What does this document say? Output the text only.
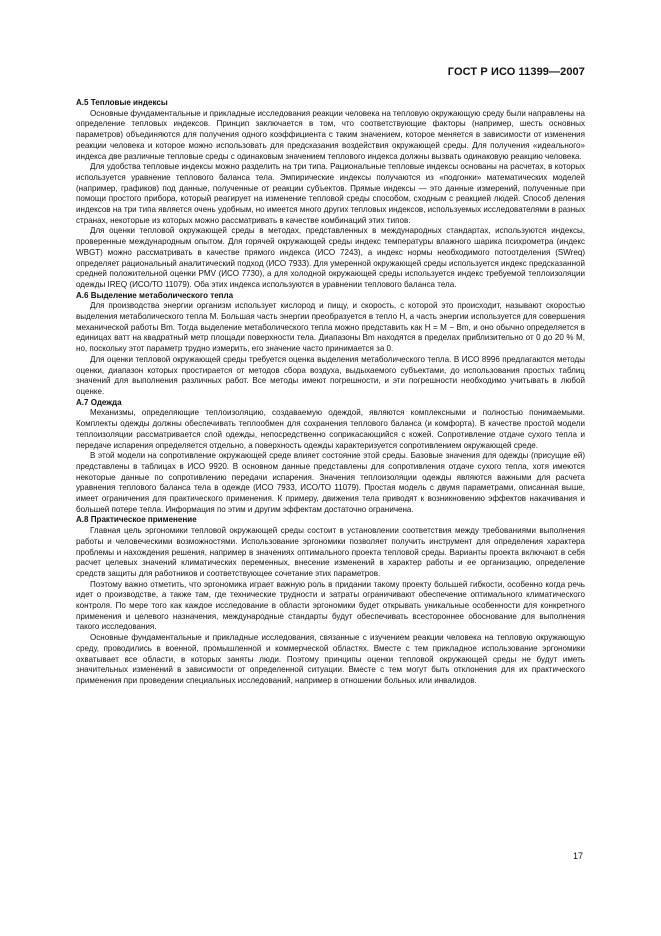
ГОСТ Р ИСО 11399—2007
А.5 Тепловые индексы

Основные фундаментальные и прикладные исследования реакции человека на тепловую окружающую среду были направлены на определение тепловых индексов. Принцип заключается в том, что соответствующие факторы (например, шесть основных параметров) объединяются для получения одного коэффициента с таким значением, которое меняется в зависимости от изменения реакции человека и которое можно использовать для предсказания воздействия окружающей среды. Для получения «идеального» индекса две различные тепловые среды с одинаковым значением теплового индекса должны вызвать одинаковую реакцию человека.

Для удобства тепловые индексы можно разделить на три типа. Рациональные тепловые индексы основаны на расчетах, в которых используется уравнение теплового баланса тела. Эмпирические индексы получаются из «подгонки» математических моделей (например, графиков) под данные, полученные от реакции субъектов. Прямые индексы — это данные измерений, полученные при помощи простого прибора, который реагирует на изменение тепловой среды способом, сходным с реакцией людей. Способ деления индексов на три типа является очень удобным, но имеется много других тепловых индексов, используемых исследователями в разных странах, некоторые из которых можно рассматривать в качестве комбинаций этих типов.

Для оценки тепловой окружающей среды в методах, представленных в международных стандартах, используются индексы, проверенные международным опытом. Для горячей окружающей среды индекс температуры влажного шарика психрометра (индекс WBGT) можно рассматривать в качестве прямого индекса (ИСО 7243), а индекс нормы необходимого потоотделения (SWreq) определяет рациональный аналитический подход (ИСО 7933). Для умеренной окружающей среды используется индекс предсказанной средней положительной оценки PMV (ИСО 7730), а для холодной окружающей среды используется индекс требуемой теплоизоляции одежды IREQ (ИСО/ТО 11079). Оба этих индекса используются в уравнении теплового баланса тела.

А.6 Выделение метаболического тепла

Для производства энергии организм использует кислород и пищу, и скорость, с которой это происходит, называют скоростью выделения метаболического тепла M. Большая часть энергии преобразуется в тепло H, а часть энергии используется для совершения механической работы Bm. Тогда выделение метаболического тепла можно представить как H = M − Bm, и оно обычно определяется в единицах ватт на квадратный метр площади поверхности тела. Диапазоны Bm находятся в пределах приблизительно от 0 до 20 % M, но, поскольку этот параметр трудно измерить, его значение часто принимается за 0.

Для оценки тепловой окружающей среды требуется оценка выделения метаболического тепла. В ИСО 8996 предлагаются методы оценки, диапазон которых простирается от методов сбора воздуха, выдыхаемого субъектами, до использования простых таблиц значений для выполнения различных работ. Все методы имеют погрешности, и эти погрешности необходимо учитывать в любой оценке.

А.7 Одежда

Механизмы, определяющие теплоизоляцию, создаваемую одеждой, являются комплексными и полностью понимаемыми. Комплекты одежды должны обеспечивать теплообмен для сохранения теплового баланса (и комфорта). В качестве простой модели теплоизоляции рассматривается слой одежды, непосредственно соприкасающийся с кожей. Сопротивление отдаче сухого тепла и передаче испарения определяется отдельно, а поверхность одежды характеризуется сопротивлением окружающей среде.

В этой модели на сопротивление окружающей среде влияет состояние этой среды. Базовые значения для одежды (присущие ей) представлены в таблицах в ИСО 9920. В основном данные представлены для сопротивления отдаче сухого тепла, хотя имеются некоторые данные по сопротивлению передачи испарения. Значения теплоизоляции одежды являются важными для расчета уравнения теплового баланса тела в одежде (ИСО 7933, ИСО/ТО 11079). Простая модель с двумя параметрами, описанная выше, имеет ограничения для практического применения. К примеру, движения тела приводят к возникновению эффектов накачивания и большей потере тепла. Информация по этим и другим эффектам достаточно ограничена.

А.8 Практическое применение

Главная цель эргономики тепловой окружающей среды состоит в установлении соответствия между требованиями выполнения работы и человеческими возможностями. Использование эргономики позволяет получить инструмент для определения характера проблемы и нахождения решения, например в значениях оптимального проекта тепловой среды. Варианты проекта включают в себя расчет целевых значений климатических переменных, внесение изменений в характер работы и ее организацию, определение средств защиты для работников и соответствующее сочетание этих параметров.

Поэтому важно отметить, что эргономика играет важную роль в придании такому проекту большей гибкости, особенно когда речь идет о производстве, а также там, где технические трудности и затраты ограничивают обеспечение оптимального климатического контроля. По мере того как каждое исследование в области эргономики будет открывать уникальные особенности для конкретного применения и целевого назначения, международные стандарты будут обеспечивать всестороннее обоснование для выполнения такого исследования.

Основные фундаментальные и прикладные исследования, связанные с изучением реакции человека на тепловую окружающую среду, проводились в военной, промышленной и коммерческой областях. Вместе с тем прикладное использование эргономики охватывает все области, в которых заняты люди. Поэтому принципы оценки тепловой окружающей среды не будут иметь значительных изменений в зависимости от определенной ситуации. Вместе с тем могут быть отклонения для их практического применения при проведении специальных исследований, например в отношении больных или инвалидов.

17
